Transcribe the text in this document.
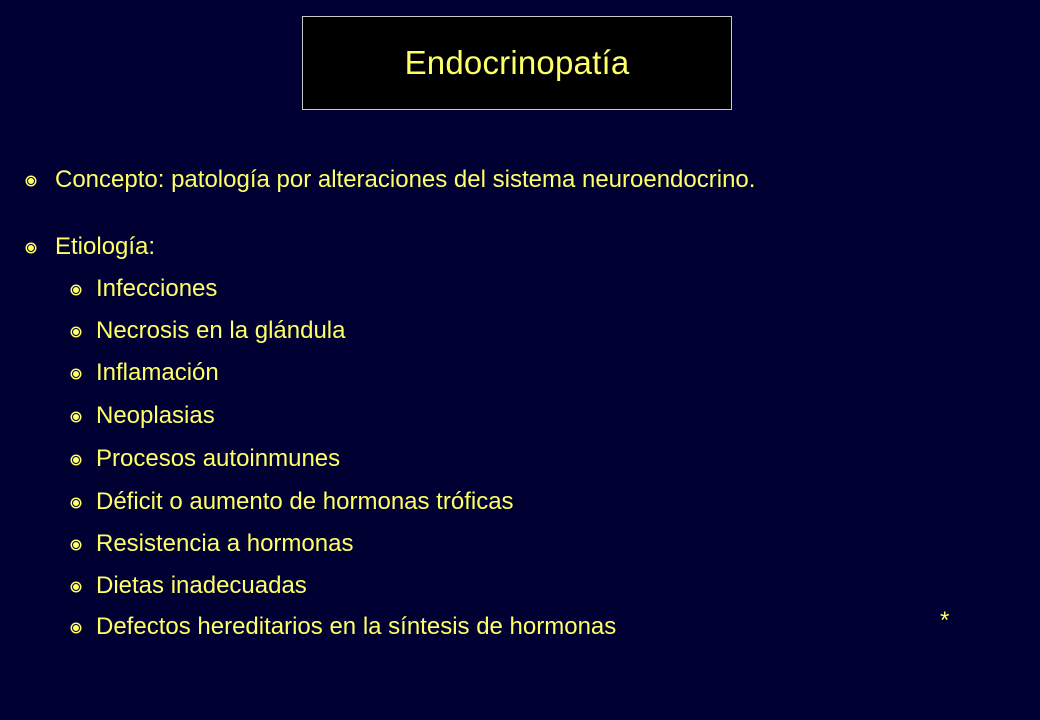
Endocrinopatía
Concepto: patología por alteraciones del sistema neuroendocrino.
Etiología:
Infecciones
Necrosis en la glándula
Inflamación
Neoplasias
Procesos autoinmunes
Déficit o aumento de hormonas tróficas
Resistencia a hormonas
Dietas inadecuadas
Defectos hereditarios en la síntesis de hormonas	*
